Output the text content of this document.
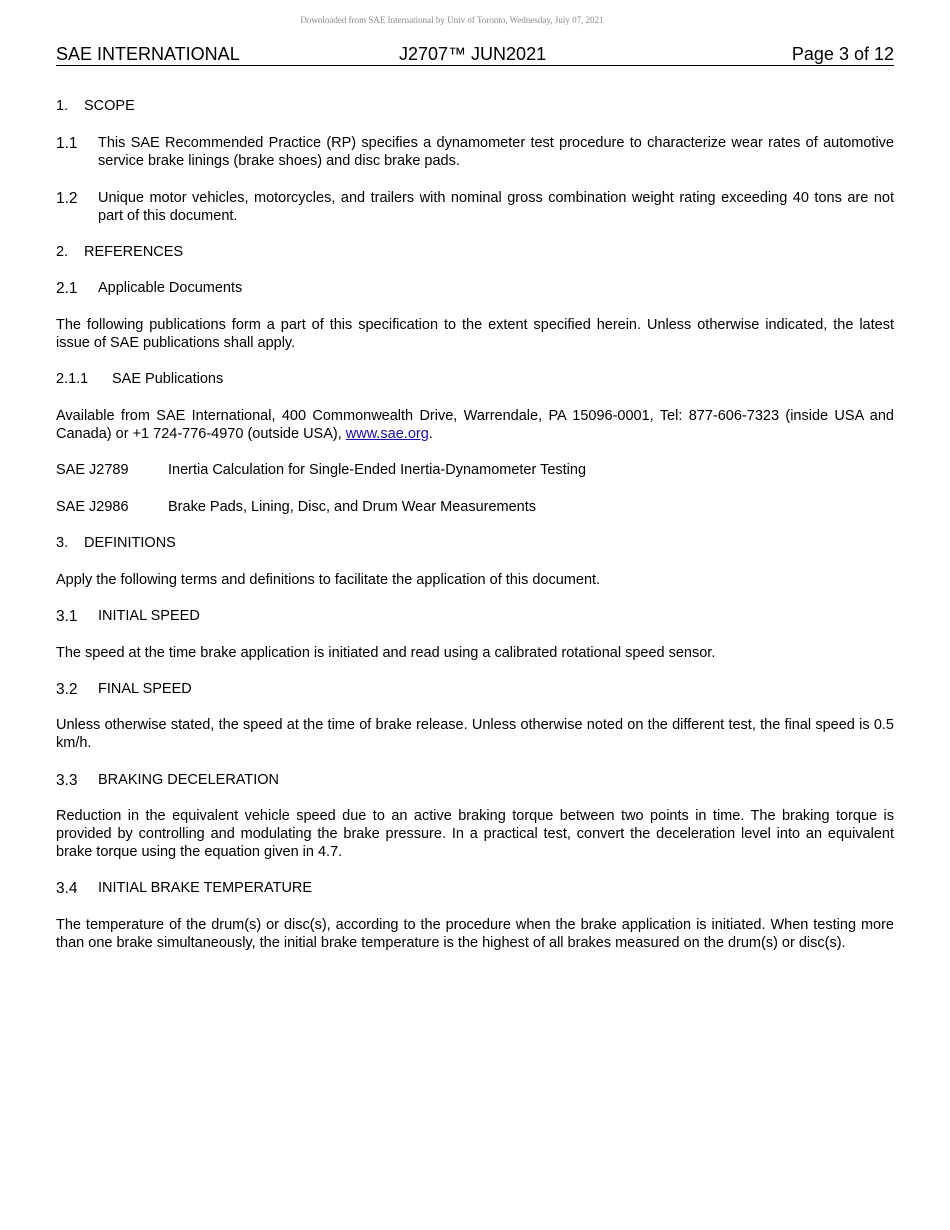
Downloaded from SAE International by Univ of Toronto, Wednesday, July 07, 2021
SAE INTERNATIONAL	J2707™ JUN2021	Page 3 of 12
1. SCOPE
1.1 This SAE Recommended Practice (RP) specifies a dynamometer test procedure to characterize wear rates of automotive service brake linings (brake shoes) and disc brake pads.
1.2 Unique motor vehicles, motorcycles, and trailers with nominal gross combination weight rating exceeding 40 tons are not part of this document.
2. REFERENCES
2.1 Applicable Documents
The following publications form a part of this specification to the extent specified herein. Unless otherwise indicated, the latest issue of SAE publications shall apply.
2.1.1 SAE Publications
Available from SAE International, 400 Commonwealth Drive, Warrendale, PA 15096-0001, Tel: 877-606-7323 (inside USA and Canada) or +1 724-776-4970 (outside USA), www.sae.org.
SAE J2789	Inertia Calculation for Single-Ended Inertia-Dynamometer Testing
SAE J2986	Brake Pads, Lining, Disc, and Drum Wear Measurements
3. DEFINITIONS
Apply the following terms and definitions to facilitate the application of this document.
3.1 INITIAL SPEED
The speed at the time brake application is initiated and read using a calibrated rotational speed sensor.
3.2 FINAL SPEED
Unless otherwise stated, the speed at the time of brake release. Unless otherwise noted on the different test, the final speed is 0.5 km/h.
3.3 BRAKING DECELERATION
Reduction in the equivalent vehicle speed due to an active braking torque between two points in time. The braking torque is provided by controlling and modulating the brake pressure. In a practical test, convert the deceleration level into an equivalent brake torque using the equation given in 4.7.
3.4 INITIAL BRAKE TEMPERATURE
The temperature of the drum(s) or disc(s), according to the procedure when the brake application is initiated. When testing more than one brake simultaneously, the initial brake temperature is the highest of all brakes measured on the drum(s) or disc(s).
